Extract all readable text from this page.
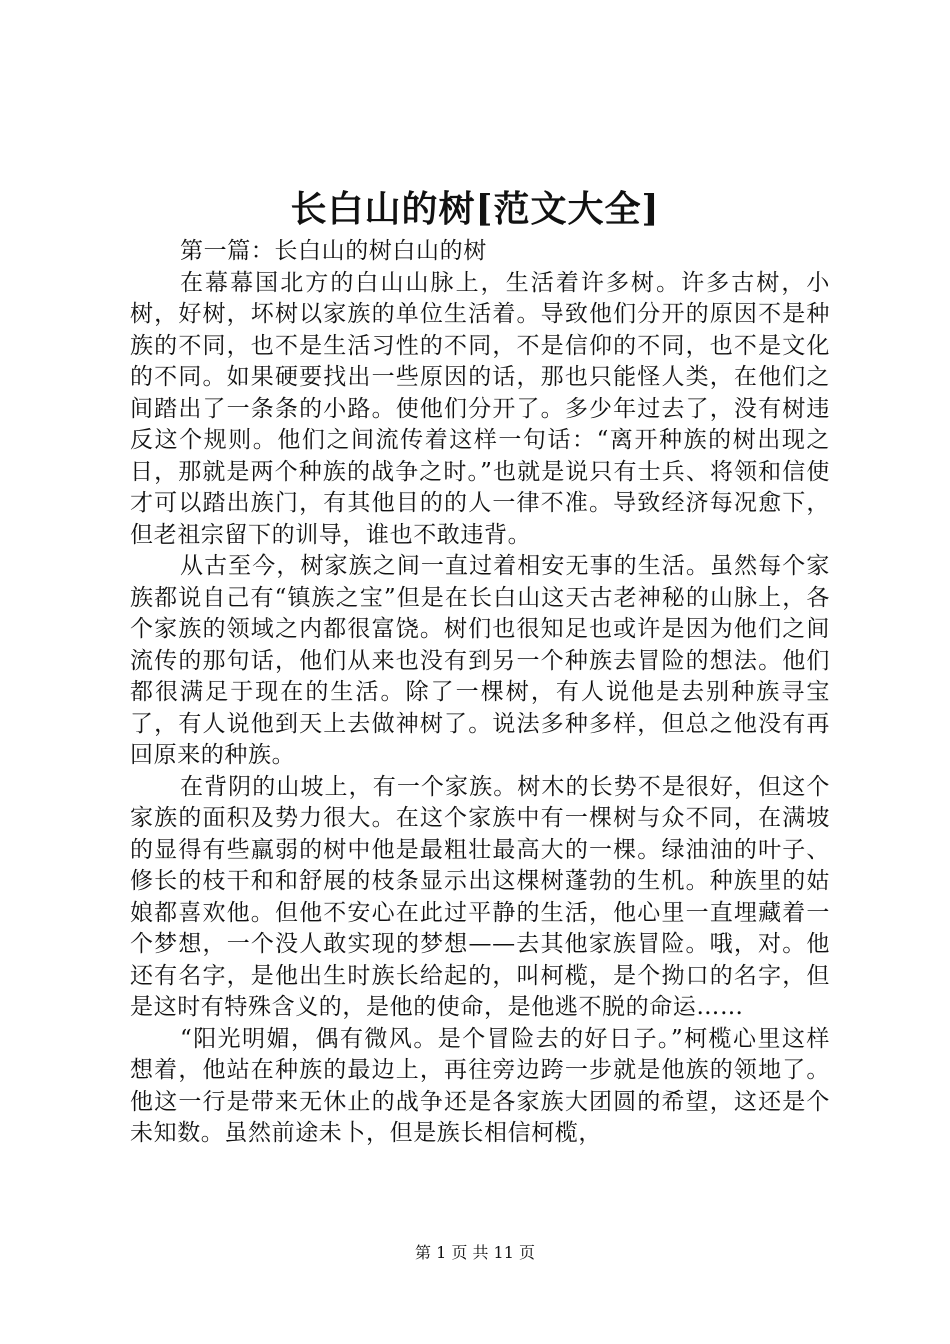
长白山的树[范文大全]

第一篇：长白山的树白山的树

在幕幕国北方的白山山脉上，生活着许多树。许多古树，小树，好树，坏树以家族的单位生活着。导致他们分开的原因不是种族的不同，也不是生活习性的不同，不是信仰的不同，也不是文化的不同。如果硬要找出一些原因的话，那也只能怪人类，在他们之间踏出了一条条的小路。使他们分开了。多少年过去了，没有树违反这个规则。他们之间流传着这样一句话：“离开种族的树出现之日，那就是两个种族的战争之时。”也就是说只有士兵、将领和信使才可以踏出族门，有其他目的的人一律不准。导致经济每况愈下，但老祖宗留下的训导，谁也不敢违背。

从古至今，树家族之间一直过着相安无事的生活。虽然每个家族都说自己有“镇族之宝”但是在长白山这天古老神秘的山脉上，各个家族的领域之内都很富饶。树们也很知足也或许是因为他们之间流传的那句话，他们从来也没有到另一个种族去冒险的想法。他们都很满足于现在的生活。除了一棵树，有人说他是去别种族寻宝了，有人说他到天上去做神树了。说法多种多样，但总之他没有再回原来的种族。

在背阴的山坡上，有一个家族。树木的长势不是很好，但这个家族的面积及势力很大。在这个家族中有一棵树与众不同，在满坡的显得有些羸弱的树中他是最粗壮最高大的一棵。绿油油的叶子、修长的枝干和和舒展的枝条显示出这棵树蓬勃的生机。种族里的姑娘都喜欢他。但他不安心在此过平静的生活，他心里一直埋藏着一个梦想，一个没人敢实现的梦想——去其他家族冒险。哦，对。他还有名字，是他出生时族长给起的，叫柯榄，是个拗口的名字，但是这时有特殊含义的，是他的使命，是他逃不脱的命运……

“阳光明媚，偶有微风。是个冒险去的好日子。”柯榄心里这样想着，他站在种族的最边上，再往旁边跨一步就是他族的领地了。他这一行是带来无休止的战争还是各家族大团圆的希望，这还是个未知数。虽然前途未卜，但是族长相信柯榄，

第 1 页 共 11 页
